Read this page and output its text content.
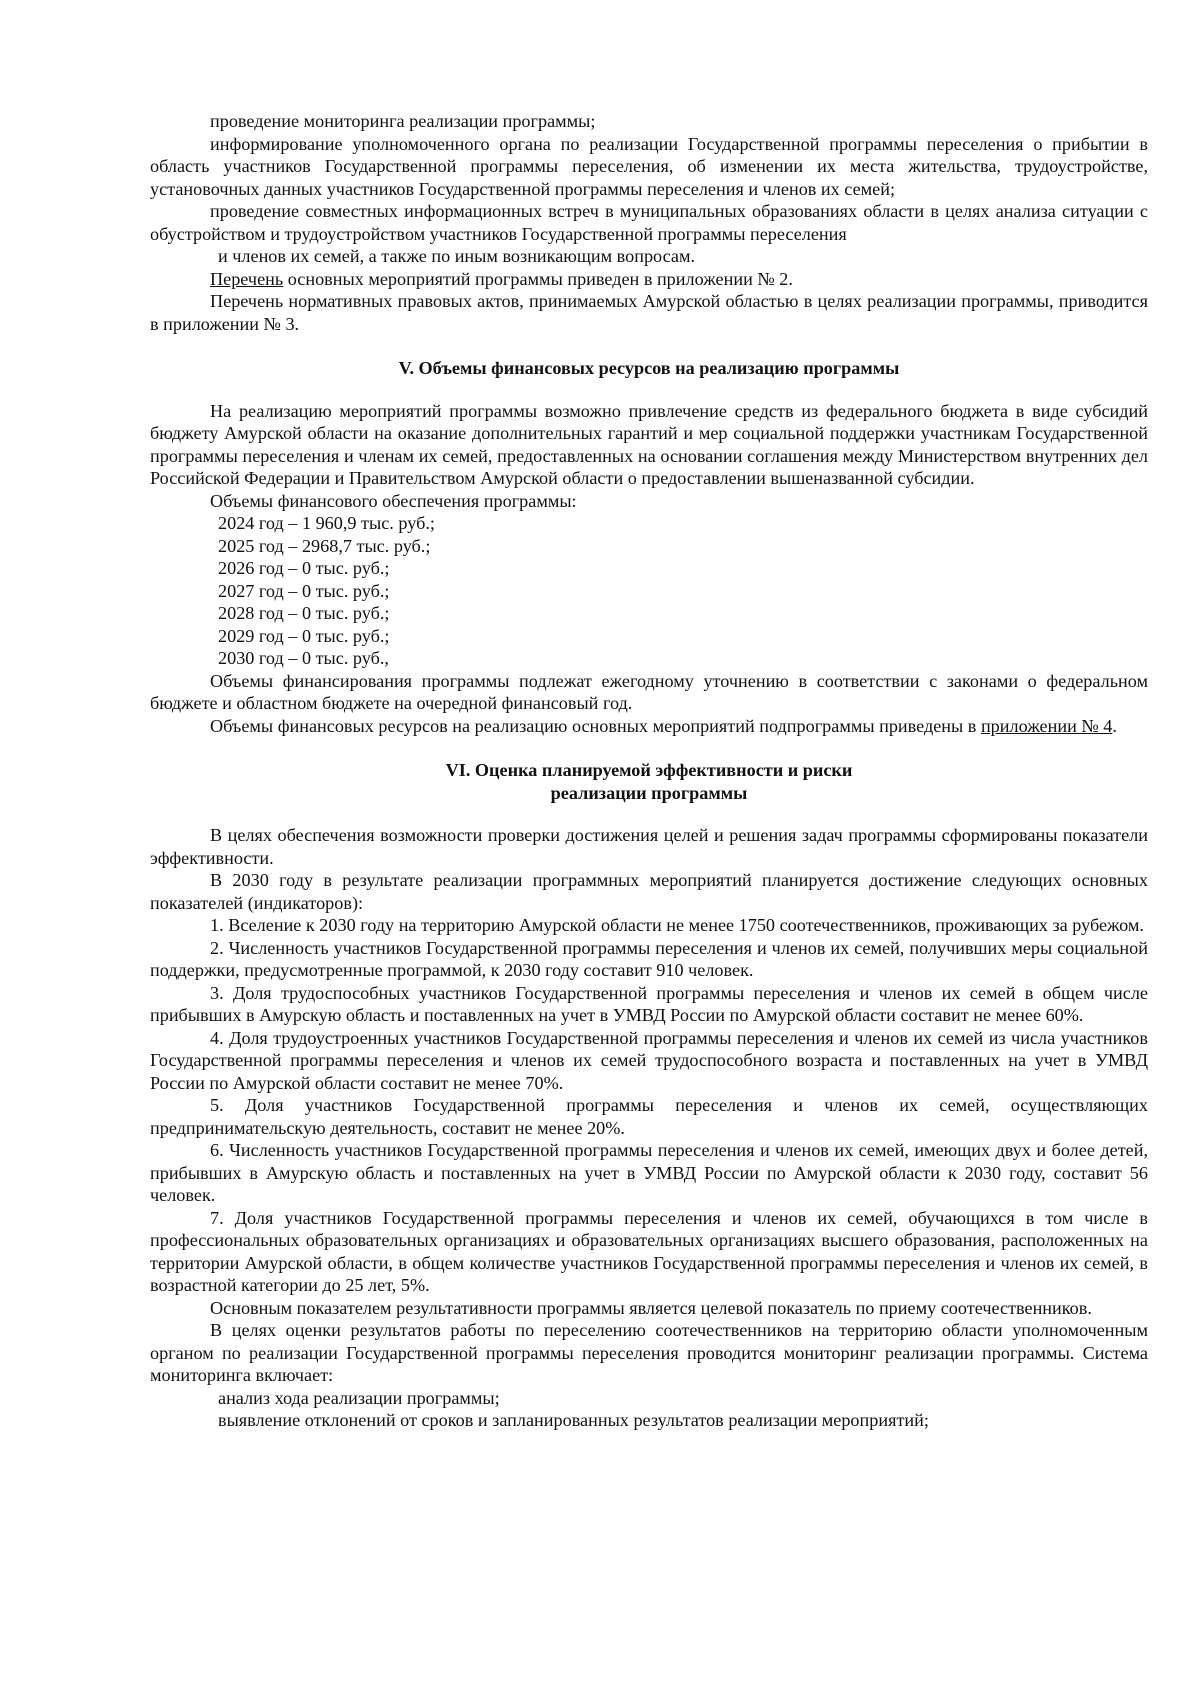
проведение мониторинга реализации программы;

информирование уполномоченного органа по реализации Государственной программы переселения о прибытии в область участников Государственной программы переселения, об изменении их места жительства, трудоустройстве, установочных данных участников Государственной программы переселения и членов их семей;

проведение совместных информационных встреч в муниципальных образованиях области в целях анализа ситуации с обустройством и трудоустройством участников Государственной программы переселения

и членов их семей, а также по иным возникающим вопросам.

Перечень основных мероприятий программы приведен в приложении № 2.

Перечень нормативных правовых актов, принимаемых Амурской областью в целях реализации программы, приводится в приложении № 3.

V. Объемы финансовых ресурсов на реализацию программы

На реализацию мероприятий программы возможно привлечение средств из федерального бюджета в виде субсидий бюджету Амурской области на оказание дополнительных гарантий и мер социальной поддержки участникам Государственной программы переселения и членам их семей, предоставленных на основании соглашения между Министерством внутренних дел Российской Федерации и Правительством Амурской области о предоставлении вышеназванной субсидии.

Объемы финансового обеспечения программы:

2024 год – 1 960,9 тыс. руб.;

2025 год – 2968,7 тыс. руб.;

2026 год – 0 тыс. руб.;

2027 год – 0 тыс. руб.;

2028 год – 0 тыс. руб.;

2029 год – 0 тыс. руб.;

2030 год – 0 тыс. руб.,

Объемы финансирования программы подлежат ежегодному уточнению в соответствии с законами о федеральном бюджете и областном бюджете на очередной финансовый год.

Объемы финансовых ресурсов на реализацию основных мероприятий подпрограммы приведены в приложении № 4.

VI. Оценка планируемой эффективности и риски
реализации программы

В целях обеспечения возможности проверки достижения целей и решения задач программы сформированы показатели эффективности.

В 2030 году в результате реализации программных мероприятий планируется достижение следующих основных показателей (индикаторов):

1. Вселение к 2030 году на территорию Амурской области не менее 1750 соотечественников, проживающих за рубежом.

2. Численность участников Государственной программы переселения и членов их семей, получивших меры социальной поддержки, предусмотренные программой, к 2030 году составит 910 человек.

3. Доля трудоспособных участников Государственной программы переселения и членов их семей в общем числе прибывших в Амурскую область и поставленных на учет в УМВД России по Амурской области составит не менее 60%.

4. Доля трудоустроенных участников Государственной программы переселения и членов их семей из числа участников Государственной программы переселения и членов их семей трудоспособного возраста и поставленных на учет в УМВД России по Амурской области составит не менее 70%.

5. Доля участников Государственной программы переселения и членов их семей, осуществляющих предпринимательскую деятельность, составит не менее 20%.

6. Численность участников Государственной программы переселения и членов их семей, имеющих двух и более детей, прибывших в Амурскую область и поставленных на учет в УМВД России по Амурской области к 2030 году, составит 56 человек.

7. Доля участников Государственной программы переселения и членов их семей, обучающихся в том числе в профессиональных образовательных организациях и образовательных организациях высшего образования, расположенных на территории Амурской области, в общем количестве участников Государственной программы переселения и членов их семей, в возрастной категории до 25 лет, 5%.

Основным показателем результативности программы является целевой показатель по приему соотечественников.

В целях оценки результатов работы по переселению соотечественников на территорию области уполномоченным органом по реализации Государственной программы переселения проводится мониторинг реализации программы. Система мониторинга включает:

анализ хода реализации программы;

выявление отклонений от сроков и запланированных результатов реализации мероприятий;
